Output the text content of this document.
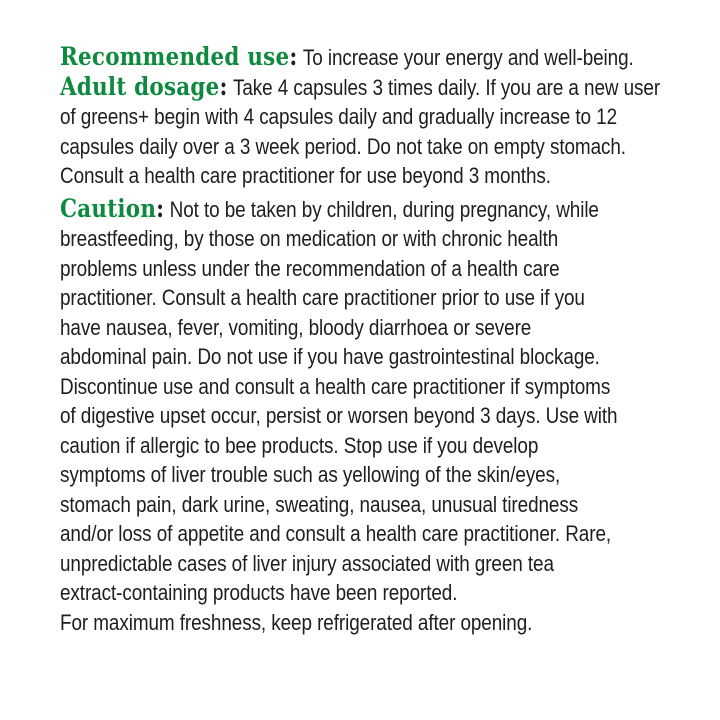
Recommended use: To increase your energy and well-being.
Adult dosage: Take 4 capsules 3 times daily. If you are a new user
of greens+ begin with 4 capsules daily and gradually increase to 12
capsules daily over a 3 week period. Do not take on empty stomach.
Consult a health care practitioner for use beyond 3 months.
Caution: Not to be taken by children, during pregnancy, while
breastfeeding, by those on medication or with chronic health
problems unless under the recommendation of a health care
practitioner. Consult a health care practitioner prior to use if you
have nausea, fever, vomiting, bloody diarrhoea or severe
abdominal pain. Do not use if you have gastrointestinal blockage.
Discontinue use and consult a health care practitioner if symptoms
of digestive upset occur, persist or worsen beyond 3 days. Use with
caution if allergic to bee products. Stop use if you develop
symptoms of liver trouble such as yellowing of the skin/eyes,
stomach pain, dark urine, sweating, nausea, unusual tiredness
and/or loss of appetite and consult a health care practitioner. Rare,
unpredictable cases of liver injury associated with green tea
extract-containing products have been reported.
For maximum freshness, keep refrigerated after opening.
